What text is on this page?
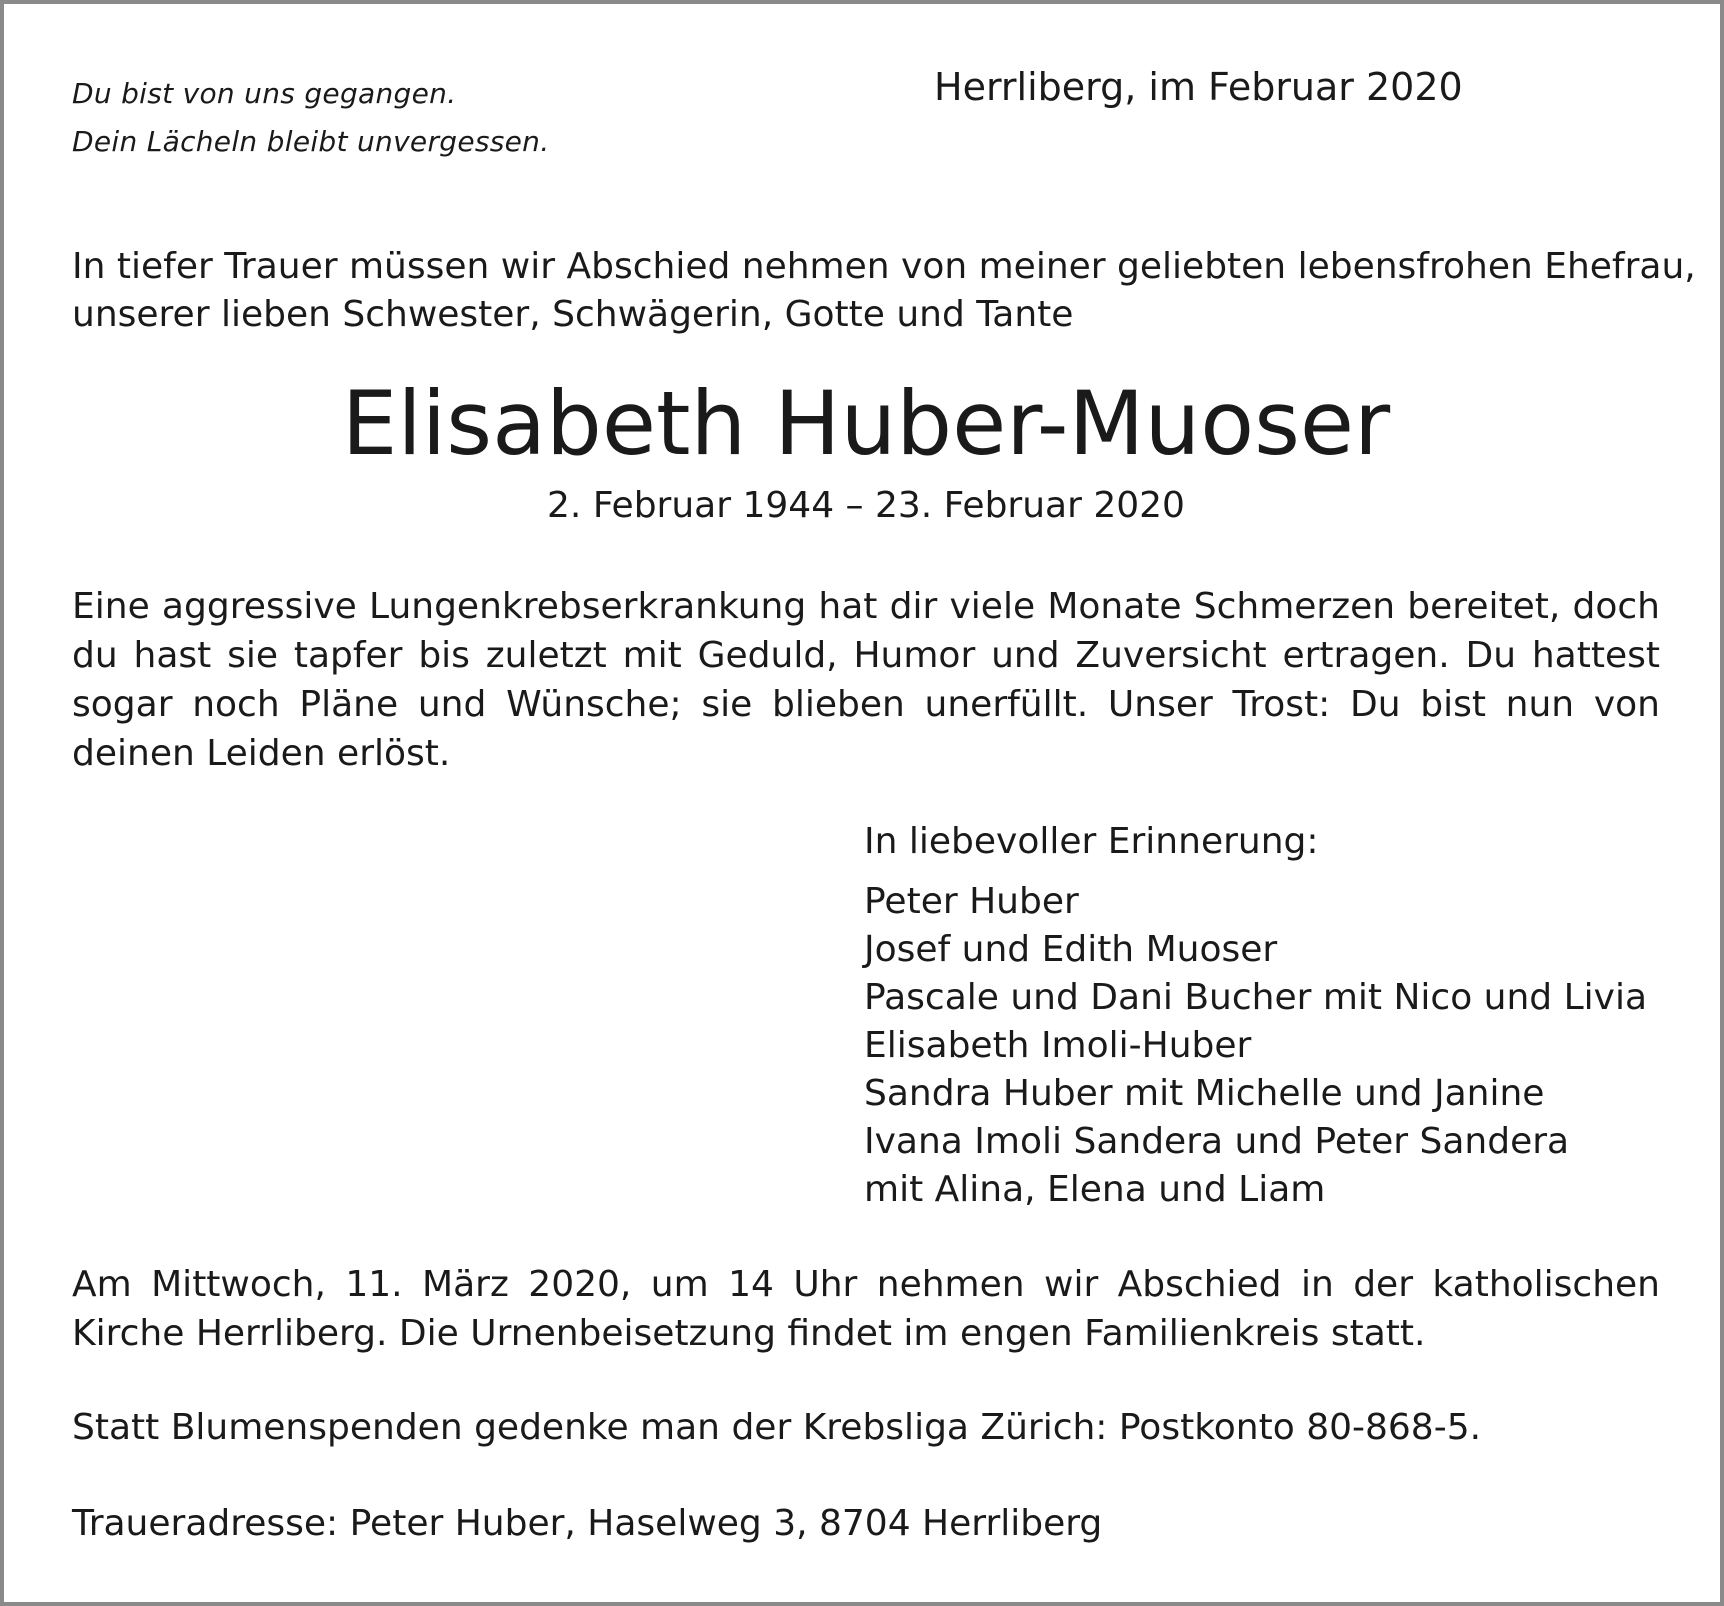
Du bist von uns gegangen.
Dein Lächeln bleibt unvergessen.
Herrliberg, im Februar 2020
In tiefer Trauer müssen wir Abschied nehmen von meiner geliebten lebensfrohen Ehefrau,
unserer lieben Schwester, Schwägerin, Gotte und Tante
Elisabeth Huber-Muoser
2. Februar 1944 – 23. Februar 2020
Eine aggressive Lungenkrebserkrankung hat dir viele Monate Schmerzen bereitet, doch du hast sie tapfer bis zuletzt mit Geduld, Humor und Zuversicht ertragen. Du hattest sogar noch Pläne und Wünsche; sie blieben unerfüllt. Unser Trost: Du bist nun von deinen Leiden erlöst.
In liebevoller Erinnerung:
Peter Huber
Josef und Edith Muoser
Pascale und Dani Bucher mit Nico und Livia
Elisabeth Imoli-Huber
Sandra Huber mit Michelle und Janine
Ivana Imoli Sandera und Peter Sandera
mit Alina, Elena und Liam
Am Mittwoch, 11. März 2020, um 14 Uhr nehmen wir Abschied in der katholischen Kirche Herrliberg. Die Urnenbeisetzung findet im engen Familienkreis statt.
Statt Blumenspenden gedenke man der Krebsliga Zürich: Postkonto 80-868-5.
Traueradresse: Peter Huber, Haselweg 3, 8704 Herrliberg
